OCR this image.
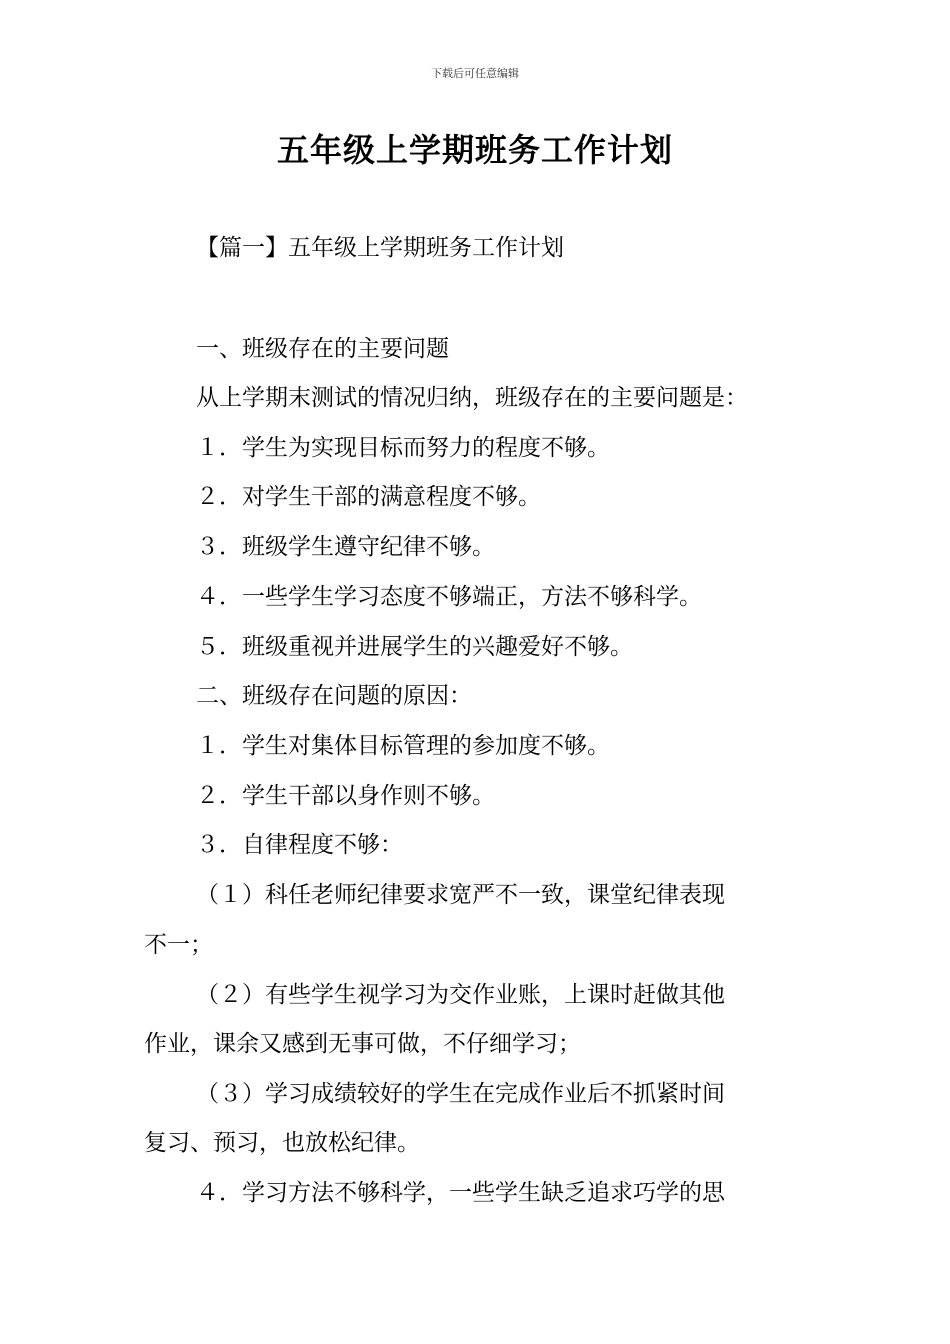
下载后可任意编辑
五年级上学期班务工作计划
【篇一】五年级上学期班务工作计划
一、班级存在的主要问题
从上学期末测试的情况归纳，班级存在的主要问题是：
１．学生为实现目标而努力的程度不够。
２．对学生干部的满意程度不够。
３．班级学生遵守纪律不够。
４．一些学生学习态度不够端正，方法不够科学。
５．班级重视并进展学生的兴趣爱好不够。
二、班级存在问题的原因：
１．学生对集体目标管理的参加度不够。
２．学生干部以身作则不够。
３．自律程度不够：
（１）科任老师纪律要求宽严不一致，课堂纪律表现
不一；
（２）有些学生视学习为交作业账，上课时赶做其他
作业，课余又感到无事可做，不仔细学习；
（３）学习成绩较好的学生在完成作业后不抓紧时间
复习、预习，也放松纪律。
４．学习方法不够科学，一些学生缺乏追求巧学的思
